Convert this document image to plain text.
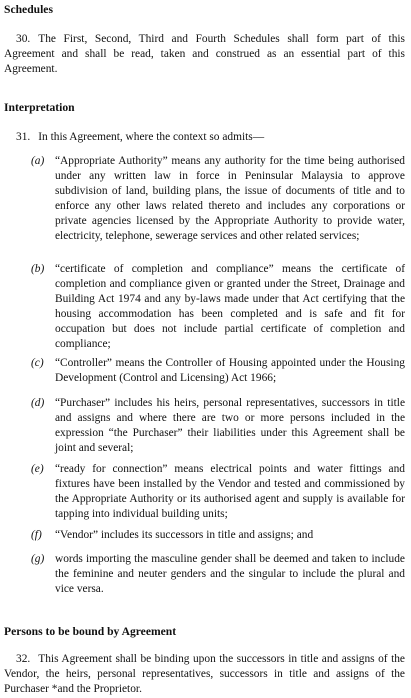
Schedules
30. The First, Second, Third and Fourth Schedules shall form part of this Agreement and shall be read, taken and construed as an essential part of this Agreement.
Interpretation
31. In this Agreement, where the context so admits—
(a) “Appropriate Authority” means any authority for the time being authorised under any written law in force in Peninsular Malaysia to approve subdivision of land, building plans, the issue of documents of title and to enforce any other laws related thereto and includes any corporations or private agencies licensed by the Appropriate Authority to provide water, electricity, telephone, sewerage services and other related services;
(b) “certificate of completion and compliance” means the certificate of completion and compliance given or granted under the Street, Drainage and Building Act 1974 and any by-laws made under that Act certifying that the housing accommodation has been completed and is safe and fit for occupation but does not include partial certificate of completion and compliance;
(c) “Controller” means the Controller of Housing appointed under the Housing Development (Control and Licensing) Act 1966;
(d) “Purchaser” includes his heirs, personal representatives, successors in title and assigns and where there are two or more persons included in the expression “the Purchaser” their liabilities under this Agreement shall be joint and several;
(e) “ready for connection” means electrical points and water fittings and fixtures have been installed by the Vendor and tested and commissioned by the Appropriate Authority or its authorised agent and supply is available for tapping into individual building units;
(f)	“Vendor” includes its successors in title and assigns; and
(g) words importing the masculine gender shall be deemed and taken to include the feminine and neuter genders and the singular to include the plural and vice versa.
Persons to be bound by Agreement
32. This Agreement shall be binding upon the successors in title and assigns of the Vendor, the heirs, personal representatives, successors in title and assigns of the Purchaser *and the Proprietor.
